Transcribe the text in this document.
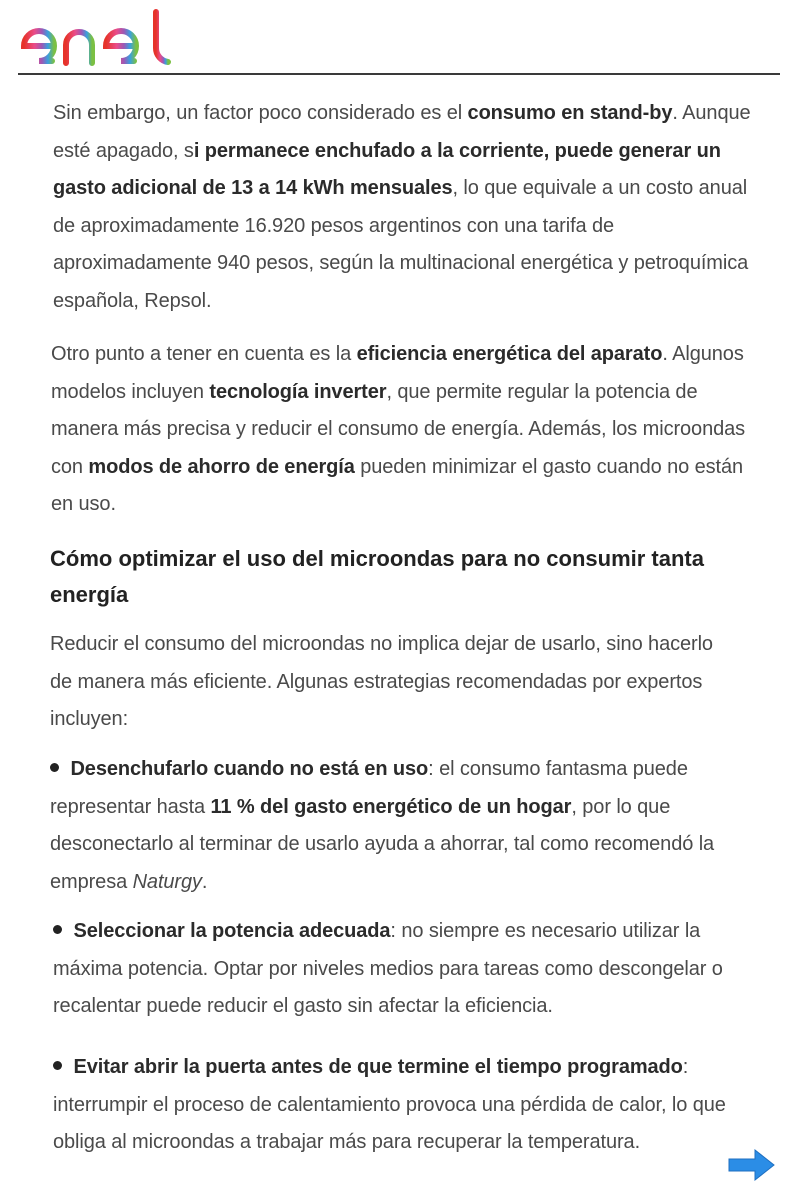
Sin embargo, un factor poco considerado es el consumo en stand-by. Aunque esté apagado, si permanece enchufado a la corriente, puede generar un gasto adicional de 13 a 14 kWh mensuales, lo que equivale a un costo anual de aproximadamente 16.920 pesos argentinos con una tarifa de aproximadamente 940 pesos, según la multinacional energética y petroquímica española, Repsol.

Otro punto a tener en cuenta es la eficiencia energética del aparato. Algunos modelos incluyen tecnología inverter, que permite regular la potencia de manera más precisa y reducir el consumo de energía. Además, los microondas con modos de ahorro de energía pueden minimizar el gasto cuando no están en uso.

Cómo optimizar el uso del microondas para no consumir tanta energía

Reducir el consumo del microondas no implica dejar de usarlo, sino hacerlo de manera más eficiente. Algunas estrategias recomendadas por expertos incluyen:

Desenchufarlo cuando no está en uso: el consumo fantasma puede representar hasta 11 % del gasto energético de un hogar, por lo que desconectarlo al terminar de usarlo ayuda a ahorrar, tal como recomendó la empresa Naturgy.

Seleccionar la potencia adecuada: no siempre es necesario utilizar la máxima potencia. Optar por niveles medios para tareas como descongelar o recalentar puede reducir el gasto sin afectar la eficiencia.

Evitar abrir la puerta antes de que termine el tiempo programado: interrumpir el proceso de calentamiento provoca una pérdida de calor, lo que obliga al microondas a trabajar más para recuperar la temperatura.
